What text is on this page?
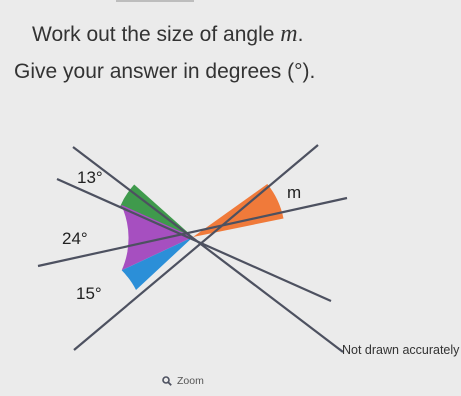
Work out the size of angle m.

Give your answer in degrees (°).

13°
24°
15°
m
Not drawn accurately
Zoom
